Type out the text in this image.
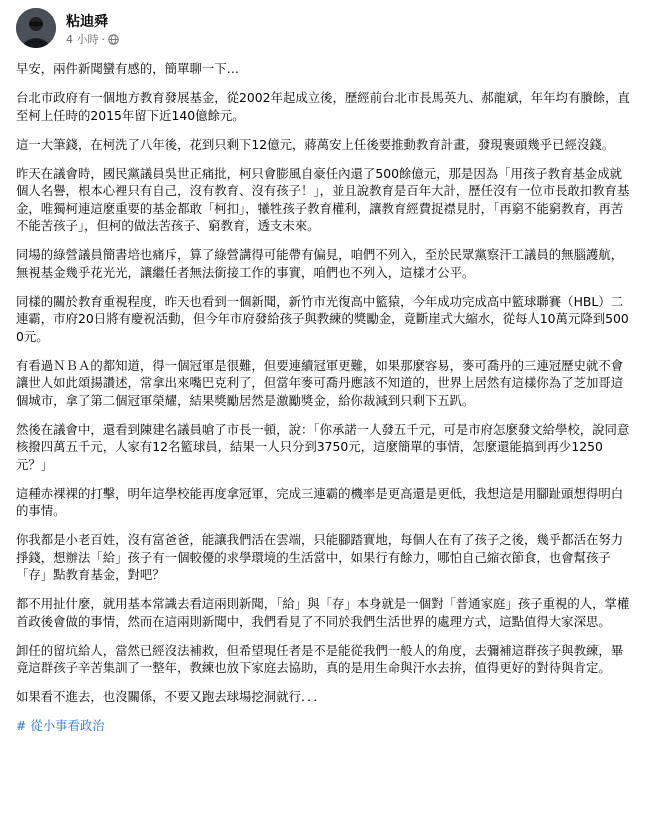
粘迪舜
4 小時 ·

早安，兩件新聞蠻有感的，簡單聊一下…

台北市政府有一個地方教育發展基金，從2002年起成立後，歷經前台北市長馬英九、郝龍斌，年年均有賸餘，直至柯上任時的2015年留下近140億餘元。

這一大筆錢，在柯洗了八年後，花到只剩下12億元，蔣萬安上任後要推動教育計畫，發現裹頭幾乎已經沒錢。

昨天在議會時，國民黨議員吳世正痛批，柯只會膨風自豪任內還了500餘億元，那是因為「用孩子教育基金成就個人名譽，根本心裡只有自己，沒有教育、沒有孩子！」，並且說教育是百年大計，歷任沒有一位市長敢扣教育基金，唯獨柯連這麼重要的基金都敢「柯扣」，犧牲孩子教育權利，讓教育經費捉襟見肘，「再窮不能窮教育，再苦不能苦孩子」，但柯的做法苦孩子、窮教育，透支未來。

同場的綠營議員簡書培也痛斥，算了綠營講得可能帶有偏見，咱們不列入，至於民眾黨察汗工議員的無腦護航，無視基金幾乎花光光，讓繼任者無法銜接工作的事實，咱們也不列入，這樣才公平。

同樣的關於教育重視程度，昨天也看到一個新聞，新竹市光復高中籃猿，今年成功完成高中籃球聯賽（HBL）二連霸，市府20日將有慶祝活動，但今年市府發給孩子與教練的獎勵金，竟斷崖式大縮水，從每人10萬元降到5000元。

有看過ＮＢＡ的都知道，得一個冠軍是很難，但要連續冠軍更難，如果那麼容易，麥可喬丹的三連冠歷史就不會讓世人如此頌揚讚述，常拿出來嘴巴克利了，但當年麥可喬丹應該不知道的，世界上居然有這樣你為了芝加哥這個城市，拿了第二個冠軍榮耀，結果獎勵居然是激勵獎金，給你裁減到只剩下五趴。

然後在議會中，還看到陳建名議員嗆了市長一頓，說：「你承諾一人發五千元，可是市府怎麼發文給學校，說同意核撥四萬五千元，人家有12名籃球員，結果一人只分到3750元，這麼簡單的事情，怎麼還能搞到再少1250元？」

這種赤裸裸的打擊，明年這學校能再度拿冠軍，完成三連霸的機率是更高還是更低，我想這是用腳趾頭想得明白的事情。

你我都是小老百姓，沒有富爸爸，能讓我們活在雲端，只能腳踏實地，每個人在有了孩子之後，幾乎都活在努力掙錢，想辦法「給」孩子有一個較優的求學環境的生活當中，如果行有餘力，哪怕自己縮衣節食，也會幫孩子「存」點教育基金，對吧？

都不用扯什麼，就用基本常識去看這兩則新聞，「給」與「存」本身就是一個對「普通家庭」孩子重視的人，掌權首政後會做的事情，然而在這兩則新聞中，我們看見了不同於我們生活世界的處理方式，這點值得大家深思。

卸任的留坑給人，當然已經沒法補救，但希望現任者是不是能從我們一般人的角度，去彌補這群孩子與教練，畢竟這群孩子辛苦集訓了一整年，教練也放下家庭去協助，真的是用生命與汗水去拚，值得更好的對待與肯定。

如果看不進去，也沒關係，不要又跑去球場挖洞就行．．．

# 從小事看政治
